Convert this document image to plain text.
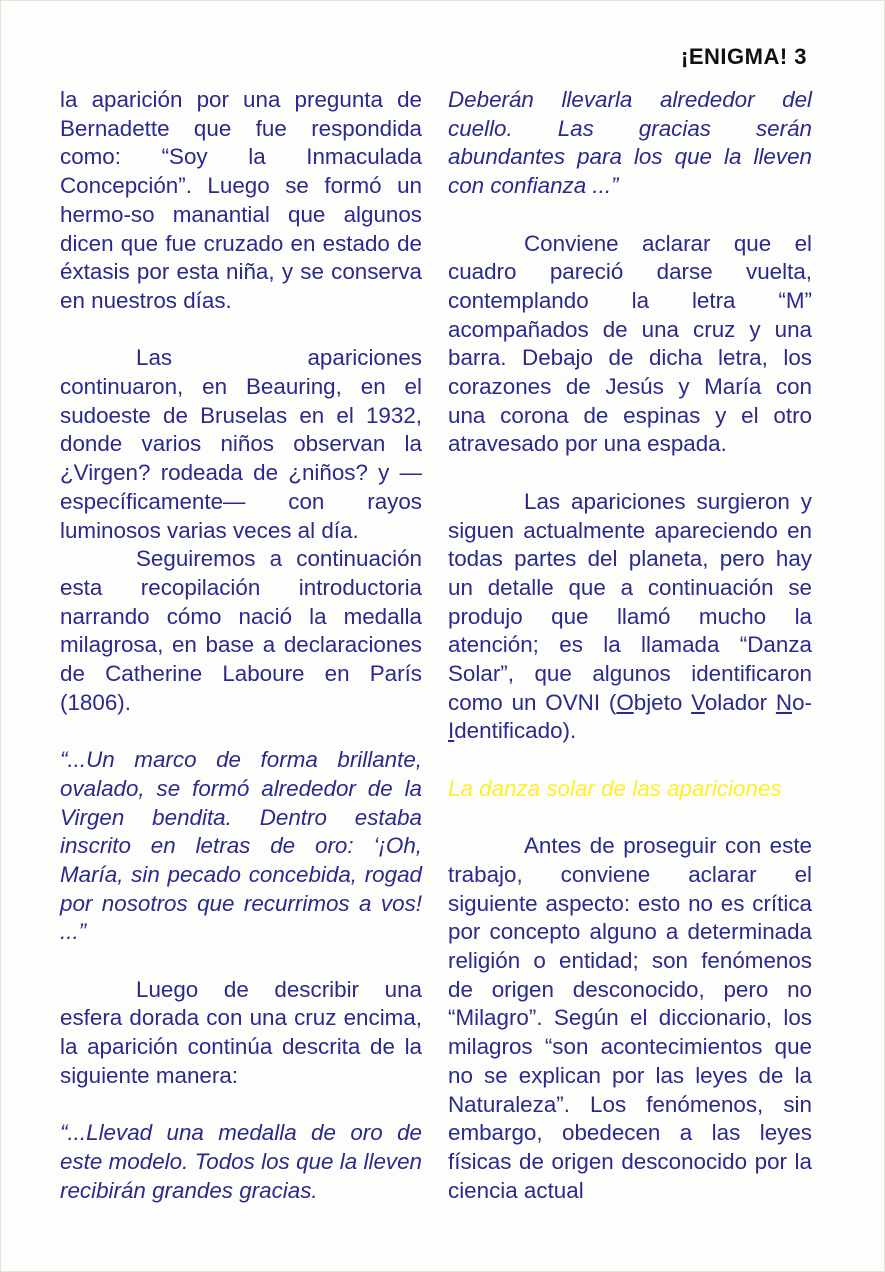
¡ENIGMA! 3

la aparición por una pregunta de Bernadette que fue respondida como: “Soy la Inmaculada Concepción”. Luego se formó un hermo-so manantial que algunos dicen que fue cruzado en estado de éxtasis por esta niña, y se conserva en nuestros días.

Las apariciones continuaron, en Beauring, en el sudoeste de Bruselas en el 1932, donde varios niños observan la ¿Virgen? rodeada de ¿niños? y —específicamente— con rayos luminosos varias veces al día.

Seguiremos a continuación esta recopilación introductoria narrando cómo nació la medalla milagrosa, en base a declaraciones de Catherine Laboure en París (1806).

“...Un marco de forma brillante, ovalado, se formó alrededor de la Virgen bendita. Dentro estaba inscrito en letras de oro: ‘¡Oh, María, sin pecado concebida, rogad por nosotros que recurrimos a vos! ...”

Luego de describir una esfera dorada con una cruz encima, la aparición continúa descrita de la siguiente manera:

“...Llevad una medalla de oro de este modelo. Todos los que la lleven recibirán grandes gracias.

Deberán llevarla alrededor del cuello. Las gracias serán abundantes para los que la lleven con confianza ...”

Conviene aclarar que el cuadro pareció darse vuelta, contemplando la letra “M” acompañados de una cruz y una barra. Debajo de dicha letra, los corazones de Jesús y María con una corona de espinas y el otro atravesado por una espada.

Las apariciones surgieron y siguen actualmente apareciendo en todas partes del planeta, pero hay un detalle que a continuación se produjo que llamó mucho la atención; es la llamada “Danza Solar”, que algunos identificaron como un OVNI (Objeto Volador No-Identificado).

La danza solar de las apariciones

Antes de proseguir con este trabajo, conviene aclarar el siguiente aspecto: esto no es crítica por concepto alguno a determinada religión o entidad; son fenómenos de origen desconocido, pero no “Milagro”. Según el diccionario, los milagros “son acontecimientos que no se explican por las leyes de la Naturaleza”. Los fenómenos, sin embargo, obedecen a las leyes físicas de origen desconocido por la ciencia actual
